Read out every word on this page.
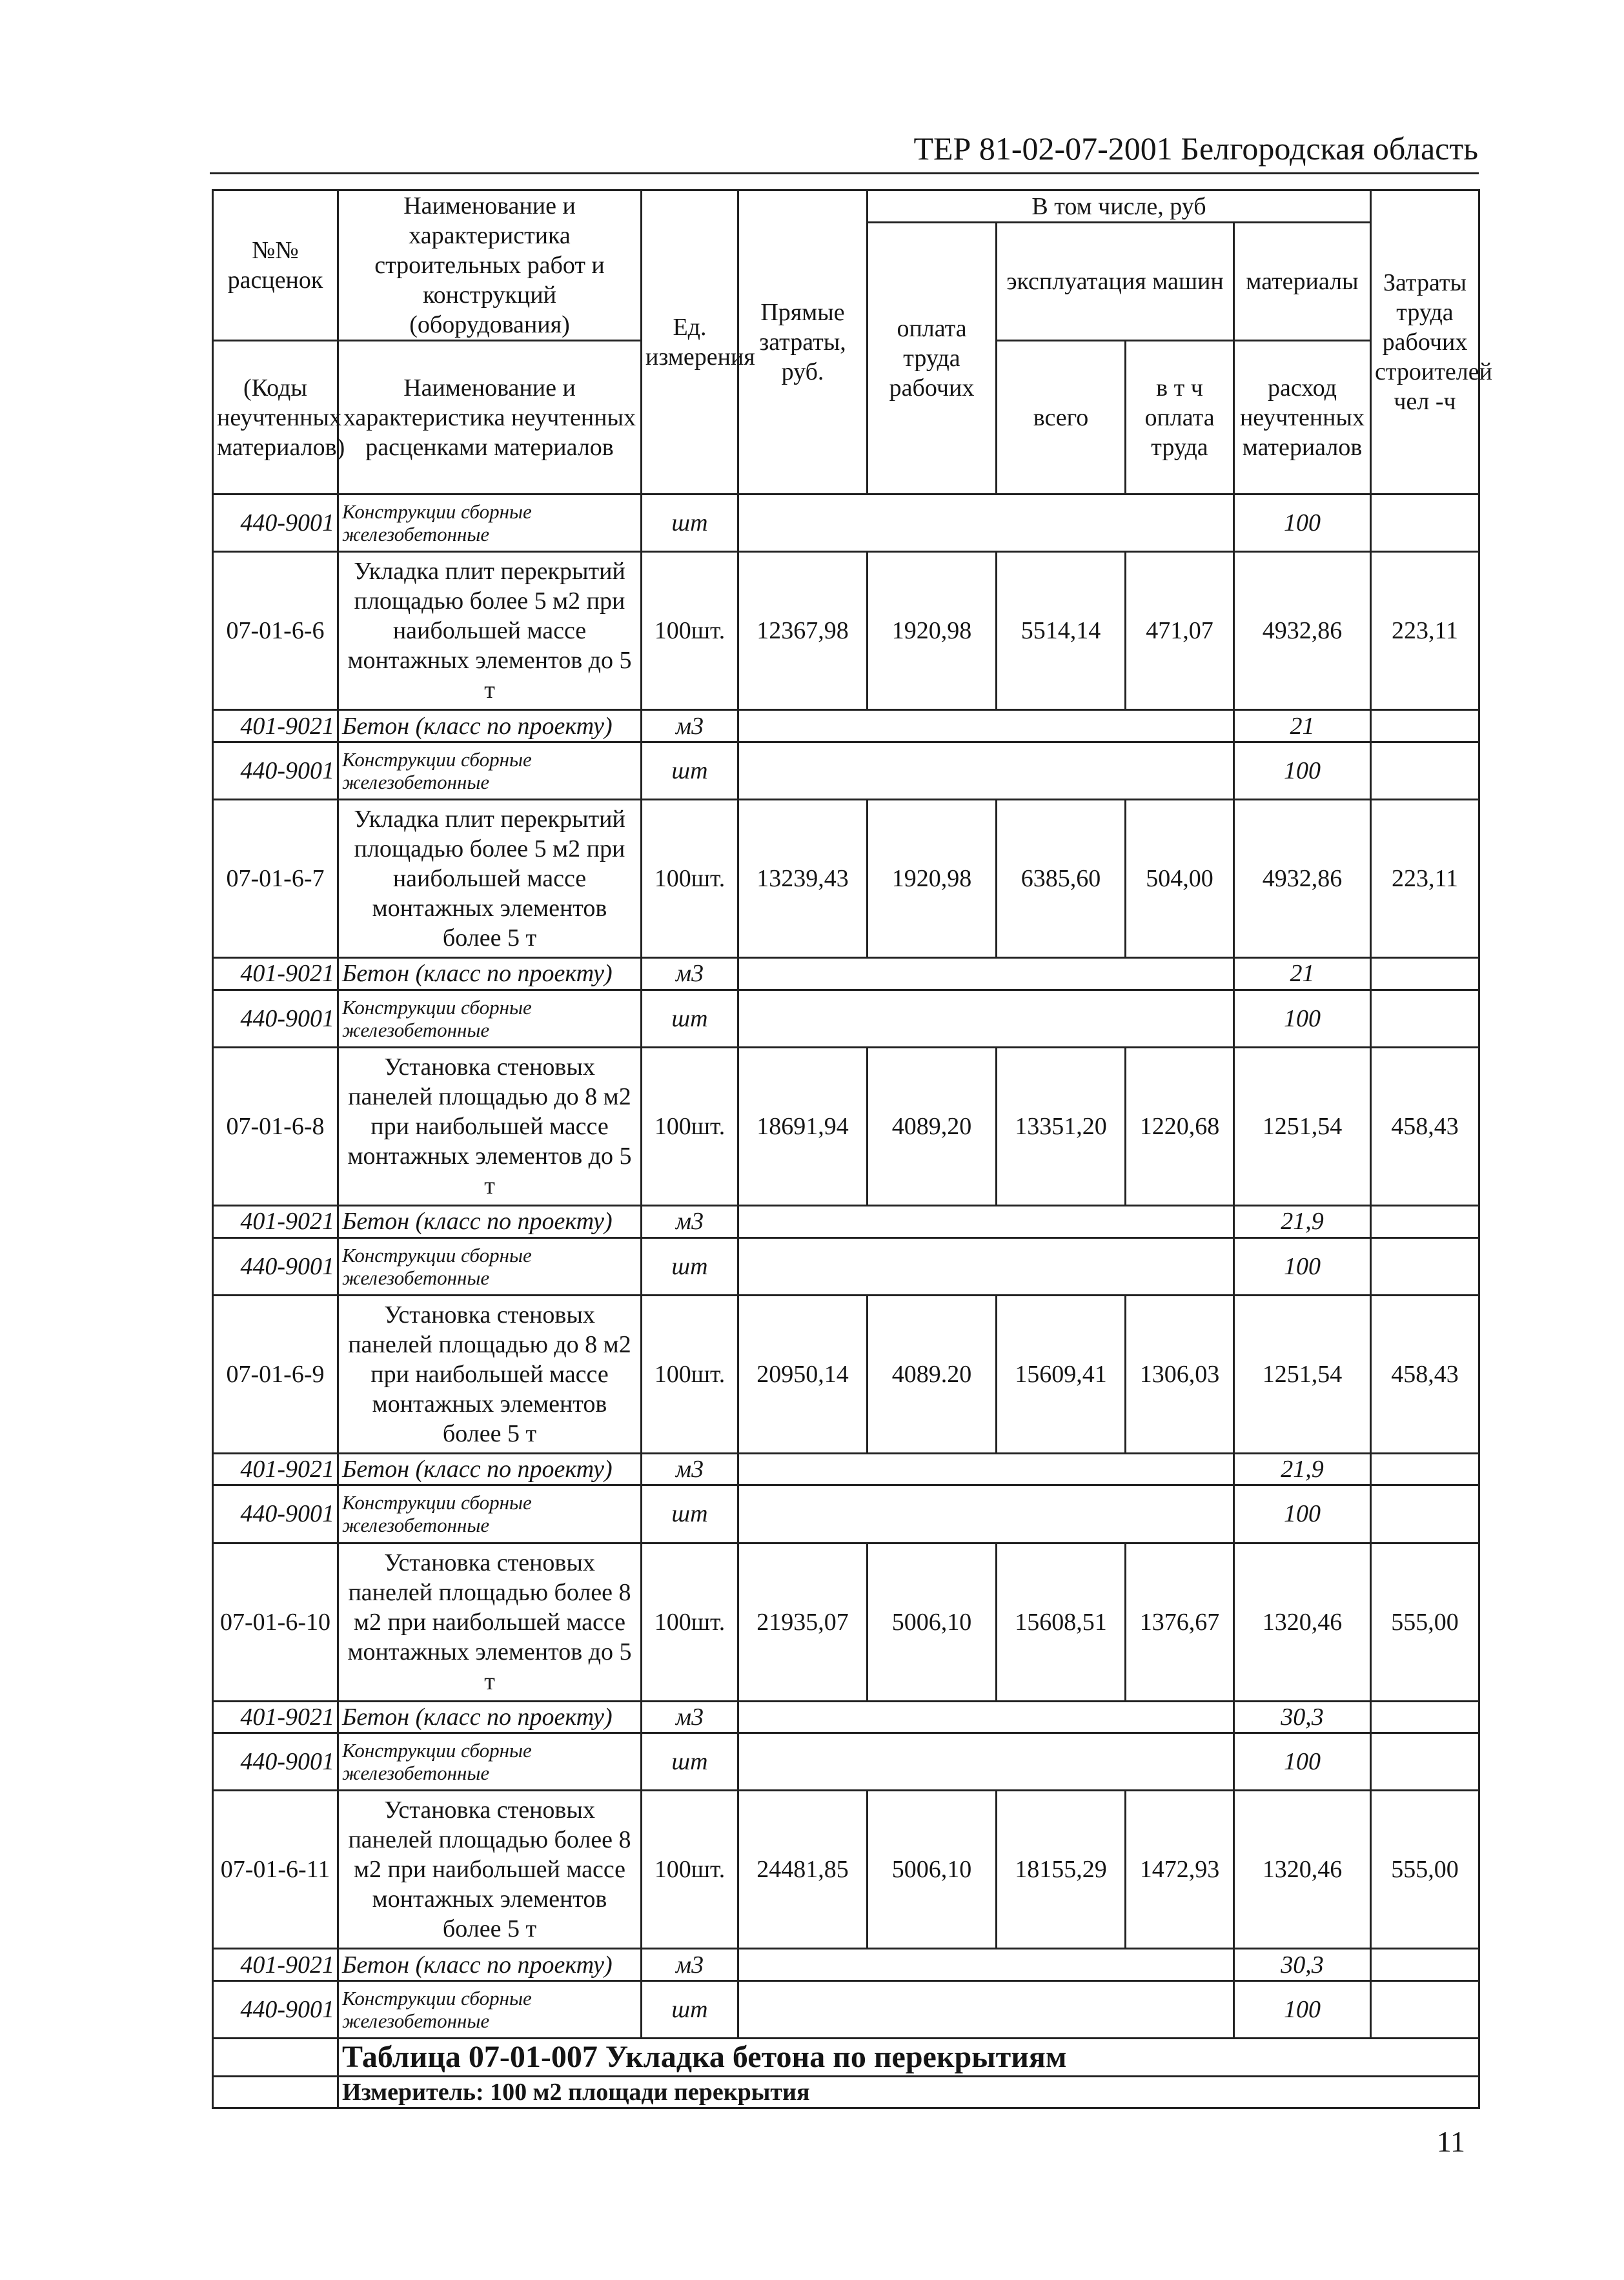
ТЕР 81-02-07-2001 Белгородская область
№№ расценок	Наименование и характеристика строительных работ и конструкций (оборудования)	Ед. измерения	Прямые затраты, руб.	В том числе, руб				Затраты труда рабочих строителей чел -ч
				оплата труда рабочих	эксплуатация машин		материалы	
(Коды неучтенных материалов)	Наименование и характеристика неучтенных расценками материалов				всего	в т ч оплата труда	расход неучтенных материалов	

440-9001	Конструкции сборные железобетонные	шт					100	
07-01-6-6	Укладка плит перекрытий площадью более 5 м2 при наибольшей массе монтажных элементов до 5 т	100шт.	12367,98	1920,98	5514,14	471,07	4932,86	223,11
401-9021	Бетон (класс по проекту)	м3					21	
440-9001	Конструкции сборные железобетонные	шт					100	
07-01-6-7	Укладка плит перекрытий площадью более 5 м2 при наибольшей массе монтажных элементов более 5 т	100шт.	13239,43	1920,98	6385,60	504,00	4932,86	223,11
401-9021	Бетон (класс по проекту)	м3					21	
440-9001	Конструкции сборные железобетонные	шт					100	
07-01-6-8	Установка стеновых панелей площадью до 8 м2 при наибольшей массе монтажных элементов до 5 т	100шт.	18691,94	4089,20	13351,20	1220,68	1251,54	458,43
401-9021	Бетон (класс по проекту)	м3					21,9	
440-9001	Конструкции сборные железобетонные	шт					100	
07-01-6-9	Установка стеновых панелей площадью до 8 м2 при наибольшей массе монтажных элементов более 5 т	100шт.	20950,14	4089.20	15609,41	1306,03	1251,54	458,43
401-9021	Бетон (класс по проекту)	м3					21,9	
440-9001	Конструкции сборные железобетонные	шт					100	
07-01-6-10	Установка стеновых панелей площадью более 8 м2 при наибольшей массе монтажных элементов до 5 т	100шт.	21935,07	5006,10	15608,51	1376,67	1320,46	555,00
401-9021	Бетон (класс по проекту)	м3					30,3	
440-9001	Конструкции сборные железобетонные	шт					100	
07-01-6-11	Установка стеновых панелей площадью более 8 м2 при наибольшей массе монтажных элементов более 5 т	100шт.	24481,85	5006,10	18155,29	1472,93	1320,46	555,00
401-9021	Бетон (класс по проекту)	м3					30,3	
440-9001	Конструкции сборные железобетонные	шт					100	
	Таблица 07-01-007 Укладка бетона по перекрытиям							
	Измеритель: 100 м2 площади перекрытия							
11
